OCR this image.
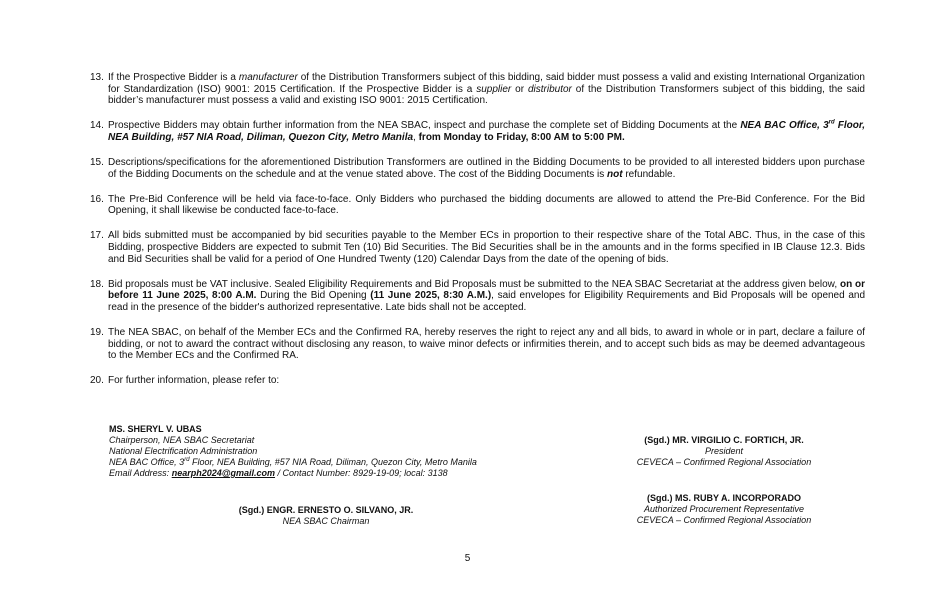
13. If the Prospective Bidder is a manufacturer of the Distribution Transformers subject of this bidding, said bidder must possess a valid and existing International Organization for Standardization (ISO) 9001: 2015 Certification. If the Prospective Bidder is a supplier or distributor of the Distribution Transformers subject of this bidding, the said bidder’s manufacturer must possess a valid and existing ISO 9001: 2015 Certification.
14. Prospective Bidders may obtain further information from the NEA SBAC, inspect and purchase the complete set of Bidding Documents at the NEA BAC Office, 3rd Floor, NEA Building, #57 NIA Road, Diliman, Quezon City, Metro Manila, from Monday to Friday, 8:00 AM to 5:00 PM.
15. Descriptions/specifications for the aforementioned Distribution Transformers are outlined in the Bidding Documents to be provided to all interested bidders upon purchase of the Bidding Documents on the schedule and at the venue stated above. The cost of the Bidding Documents is not refundable.
16. The Pre-Bid Conference will be held via face-to-face. Only Bidders who purchased the bidding documents are allowed to attend the Pre-Bid Conference. For the Bid Opening, it shall likewise be conducted face-to-face.
17. All bids submitted must be accompanied by bid securities payable to the Member ECs in proportion to their respective share of the Total ABC. Thus, in the case of this Bidding, prospective Bidders are expected to submit Ten (10) Bid Securities. The Bid Securities shall be in the amounts and in the forms specified in IB Clause 12.3. Bids and Bid Securities shall be valid for a period of One Hundred Twenty (120) Calendar Days from the date of the opening of bids.
18. Bid proposals must be VAT inclusive. Sealed Eligibility Requirements and Bid Proposals must be submitted to the NEA SBAC Secretariat at the address given below, on or before 11 June 2025, 8:00 A.M. During the Bid Opening (11 June 2025, 8:30 A.M.), said envelopes for Eligibility Requirements and Bid Proposals will be opened and read in the presence of the bidder's authorized representative. Late bids shall not be accepted.
19. The NEA SBAC, on behalf of the Member ECs and the Confirmed RA, hereby reserves the right to reject any and all bids, to award in whole or in part, declare a failure of bidding, or not to award the contract without disclosing any reason, to waive minor defects or infirmities therein, and to accept such bids as may be deemed advantageous to the Member ECs and the Confirmed RA.
20. For further information, please refer to:
MS. SHERYL V. UBAS
Chairperson, NEA SBAC Secretariat
National Electrification Administration
NEA BAC Office, 3rd Floor, NEA Building, #57 NIA Road, Diliman, Quezon City, Metro Manila
Email Address: nearph2024@gmail.com / Contact Number: 8929-19-09; local: 3138
(Sgd.) MR. VIRGILIO C. FORTICH, JR.
President
CEVECA – Confirmed Regional Association
(Sgd.) MS. RUBY A. INCORPORADO
Authorized Procurement Representative
CEVECA – Confirmed Regional Association
(Sgd.) ENGR. ERNESTO O. SILVANO, JR.
NEA SBAC Chairman
5
